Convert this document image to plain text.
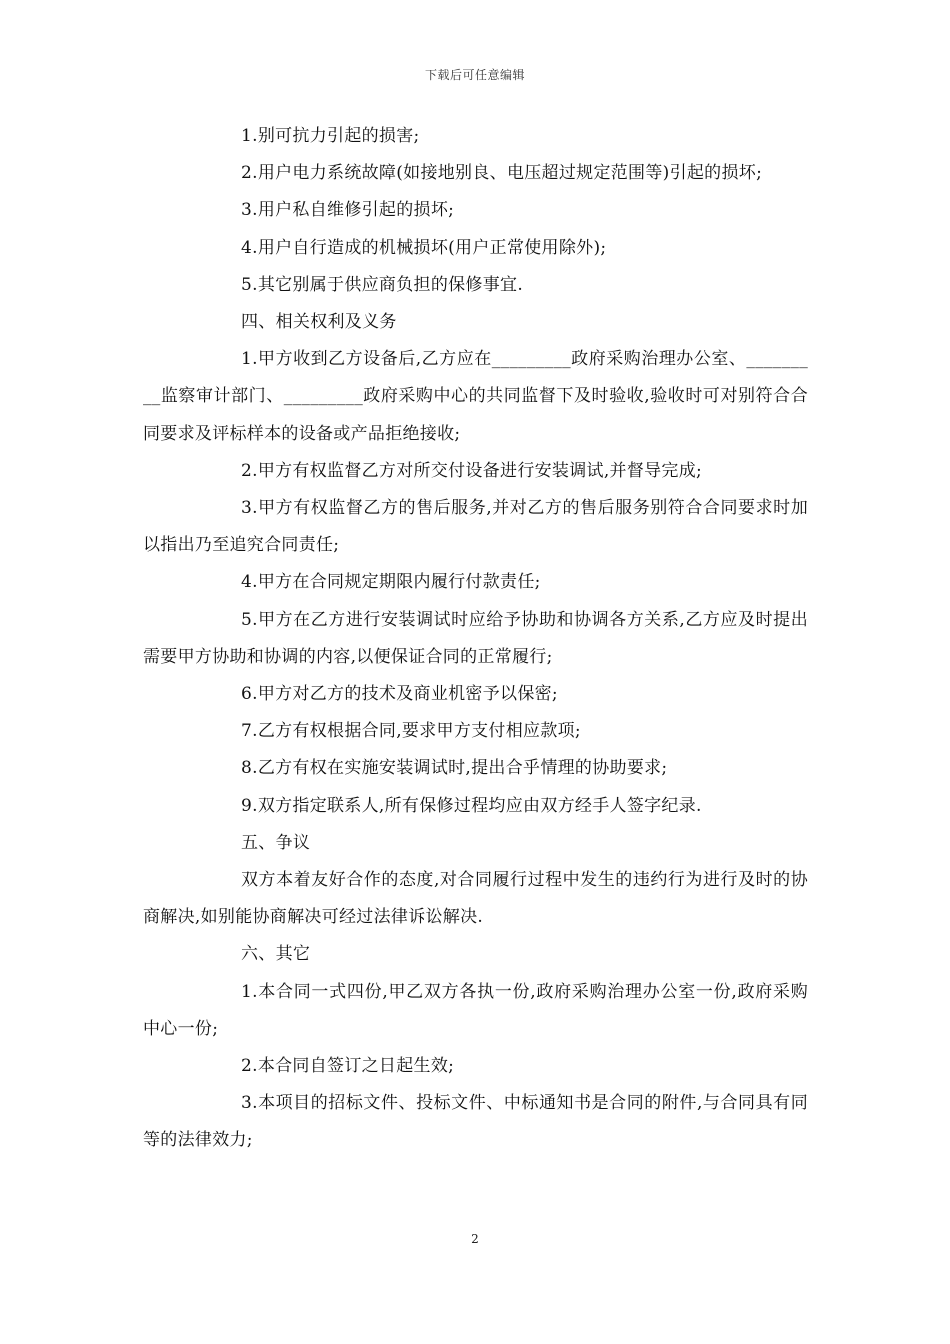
下载后可任意编辑

1.别可抗力引起的损害;

2.用户电力系统故障(如接地别良、电压超过规定范围等)引起的损坏;

3.用户私自维修引起的损坏;

4.用户自行造成的机械损坏(用户正常使用除外);

5.其它别属于供应商负担的保修事宜.

四、相关权利及义务

1.甲方收到乙方设备后,乙方应在_________政府采购治理办公室、_________监察审计部门、_________政府采购中心的共同监督下及时验收,验收时可对别符合合同要求及评标样本的设备或产品拒绝接收;

2.甲方有权监督乙方对所交付设备进行安装调试,并督导完成;

3.甲方有权监督乙方的售后服务,并对乙方的售后服务别符合合同要求时加以指出乃至追究合同责任;

4.甲方在合同规定期限内履行付款责任;

5.甲方在乙方进行安装调试时应给予协助和协调各方关系,乙方应及时提出需要甲方协助和协调的内容,以便保证合同的正常履行;

6.甲方对乙方的技术及商业机密予以保密;

7.乙方有权根据合同,要求甲方支付相应款项;

8.乙方有权在实施安装调试时,提出合乎情理的协助要求;

9.双方指定联系人,所有保修过程均应由双方经手人签字纪录.

五、争议

双方本着友好合作的态度,对合同履行过程中发生的违约行为进行及时的协商解决,如别能协商解决可经过法律诉讼解决.

六、其它

1.本合同一式四份,甲乙双方各执一份,政府采购治理办公室一份,政府采购中心一份;

2.本合同自签订之日起生效;

3.本项目的招标文件、投标文件、中标通知书是合同的附件,与合同具有同等的法律效力;

2
